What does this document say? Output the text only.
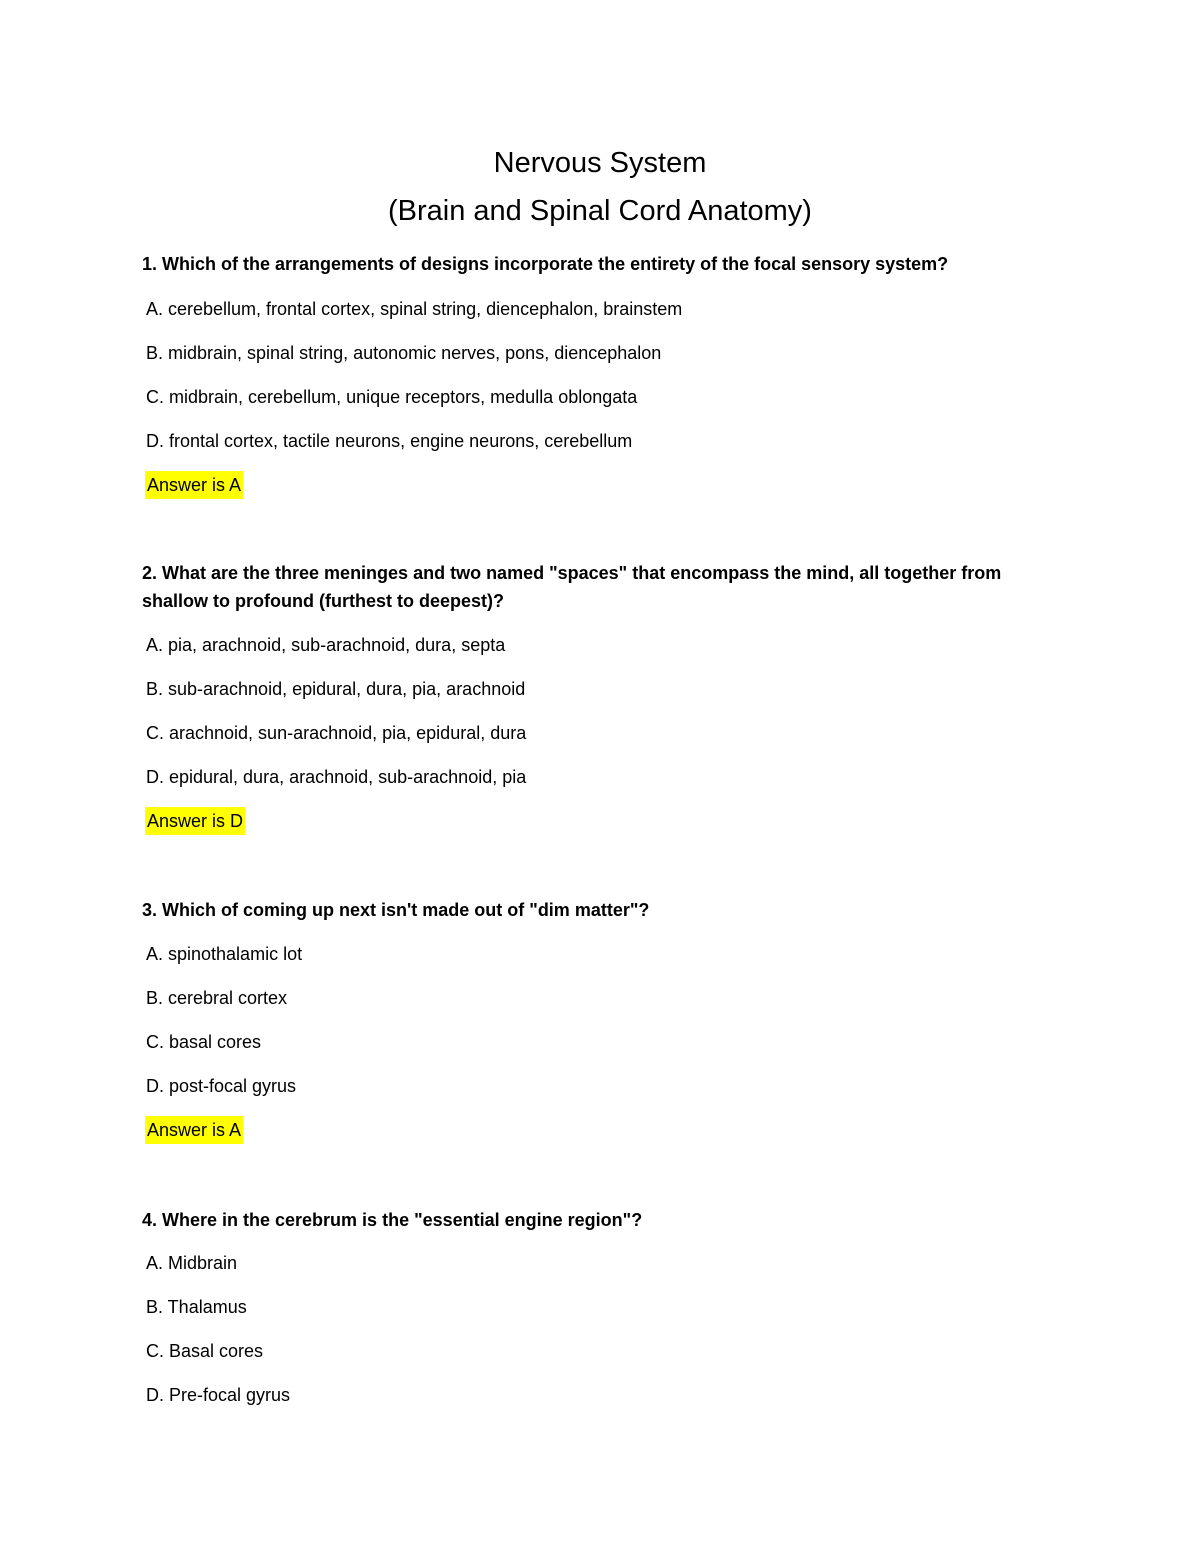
Nervous System
(Brain and Spinal Cord Anatomy)
1. Which of the arrangements of designs incorporate the entirety of the focal sensory system?
A. cerebellum, frontal cortex, spinal string, diencephalon, brainstem
B. midbrain, spinal string, autonomic nerves, pons, diencephalon
C. midbrain, cerebellum, unique receptors, medulla oblongata
D. frontal cortex, tactile neurons, engine neurons, cerebellum
Answer is A
2. What are the three meninges and two named "spaces" that encompass the mind, all together from shallow to profound (furthest to deepest)?
A. pia, arachnoid, sub-arachnoid, dura, septa
B. sub-arachnoid, epidural, dura, pia, arachnoid
C. arachnoid, sun-arachnoid, pia, epidural, dura
D. epidural, dura, arachnoid, sub-arachnoid, pia
Answer is D
3. Which of coming up next isn't made out of "dim matter"?
A. spinothalamic lot
B. cerebral cortex
C. basal cores
D. post-focal gyrus
Answer is A
4. Where in the cerebrum is the "essential engine region"?
A. Midbrain
B. Thalamus
C. Basal cores
D. Pre-focal gyrus
